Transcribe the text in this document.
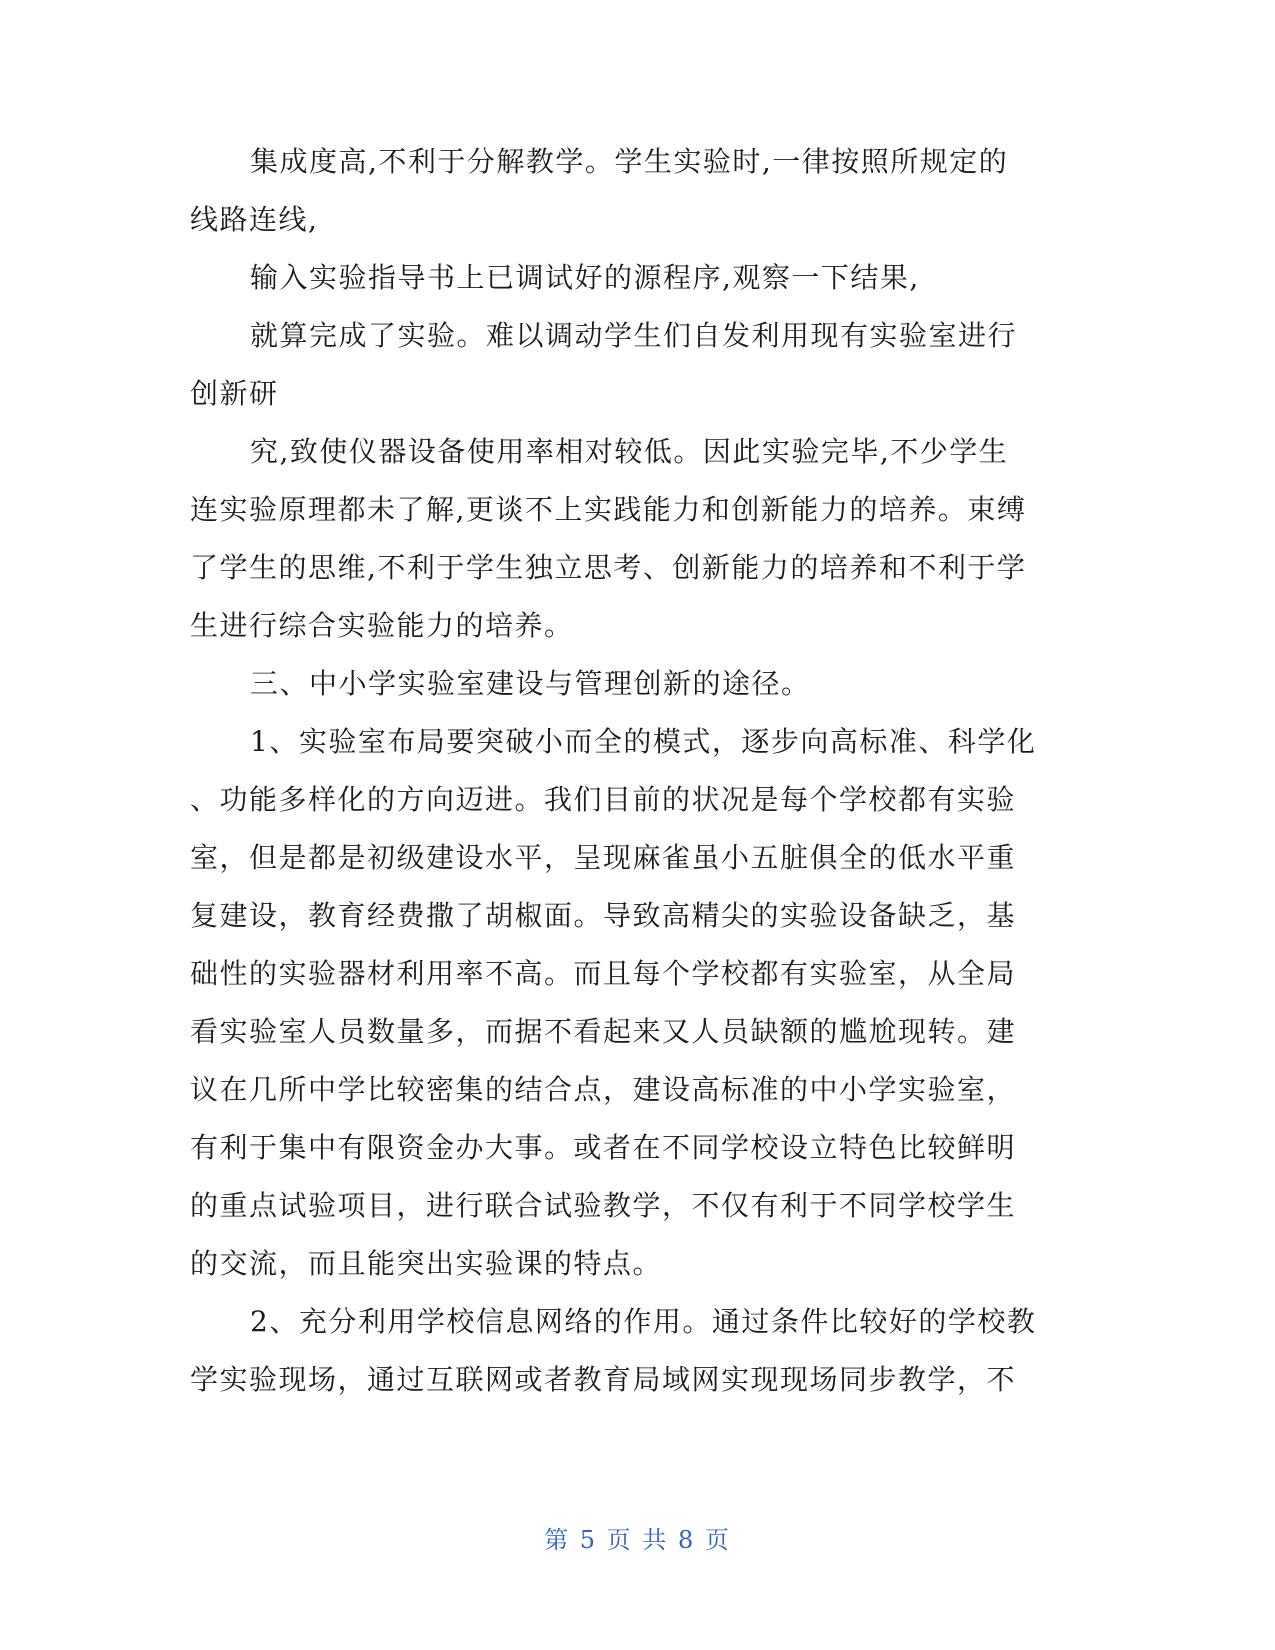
集成度高,不利于分解教学。学生实验时,一律按照所规定的
线路连线,
输入实验指导书上已调试好的源程序,观察一下结果,
就算完成了实验。难以调动学生们自发利用现有实验室进行
创新研
究,致使仪器设备使用率相对较低。因此实验完毕,不少学生
连实验原理都未了解,更谈不上实践能力和创新能力的培养。束缚
了学生的思维,不利于学生独立思考、创新能力的培养和不利于学
生进行综合实验能力的培养。
三、中小学实验室建设与管理创新的途径。
1、实验室布局要突破小而全的模式，逐步向高标准、科学化
、功能多样化的方向迈进。我们目前的状况是每个学校都有实验
室，但是都是初级建设水平，呈现麻雀虽小五脏俱全的低水平重
复建设，教育经费撒了胡椒面。导致高精尖的实验设备缺乏，基
础性的实验器材利用率不高。而且每个学校都有实验室，从全局
看实验室人员数量多，而据不看起来又人员缺额的尴尬现转。建
议在几所中学比较密集的结合点，建设高标准的中小学实验室，
有利于集中有限资金办大事。或者在不同学校设立特色比较鲜明
的重点试验项目，进行联合试验教学，不仅有利于不同学校学生
的交流，而且能突出实验课的特点。
2、充分利用学校信息网络的作用。通过条件比较好的学校教
学实验现场，通过互联网或者教育局域网实现现场同步教学，不
第 5 页 共 8 页
